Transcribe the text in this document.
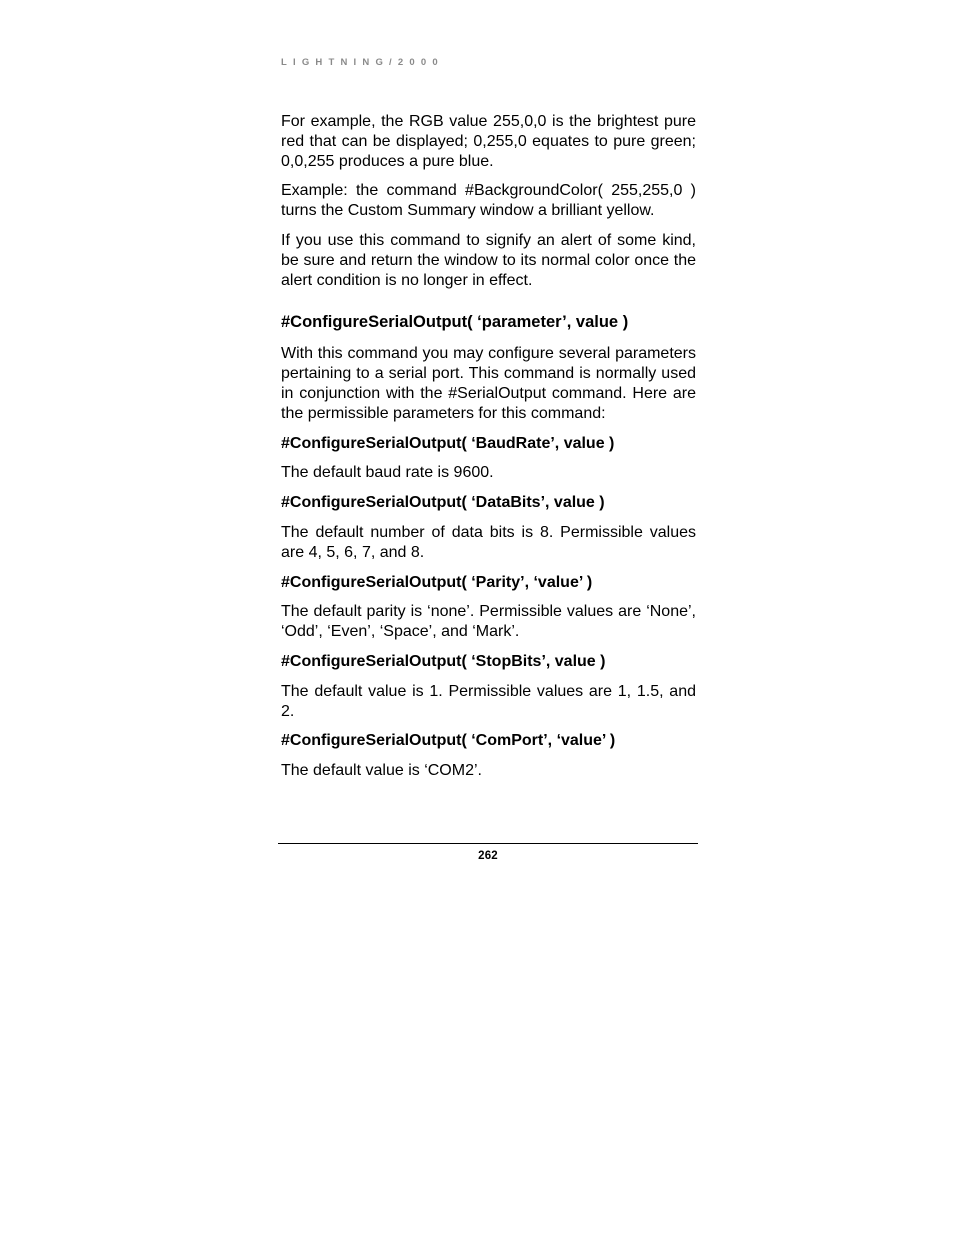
LIGHTNING/2000

For example, the RGB value 255,0,0 is the brightest pure red that can be displayed; 0,255,0 equates to pure green; 0,0,255 produces a pure blue.

Example: the command #BackgroundColor( 255,255,0 ) turns the Custom Summary window a brilliant yellow.

If you use this command to signify an alert of some kind, be sure and return the window to its normal color once the alert condition is no longer in effect.

#ConfigureSerialOutput( ‘parameter’, value )

With this command you may configure several parameters pertaining to a serial port. This command is normally used in conjunction with the #SerialOutput command. Here are the permissible parameters for this command:

#ConfigureSerialOutput( ‘BaudRate’, value )

The default baud rate is 9600.

#ConfigureSerialOutput( ‘DataBits’, value )

The default number of data bits is 8. Permissible values are 4, 5, 6, 7, and 8.

#ConfigureSerialOutput( ‘Parity’, ‘value’ )

The default parity is ‘none’. Permissible values are ‘None’, ‘Odd’, ‘Even’, ‘Space’, and ‘Mark’.

#ConfigureSerialOutput( ‘StopBits’, value )

The default value is 1. Permissible values are 1, 1.5, and 2.

#ConfigureSerialOutput( ‘ComPort’, ‘value’ )

The default value is ‘COM2’.

262
